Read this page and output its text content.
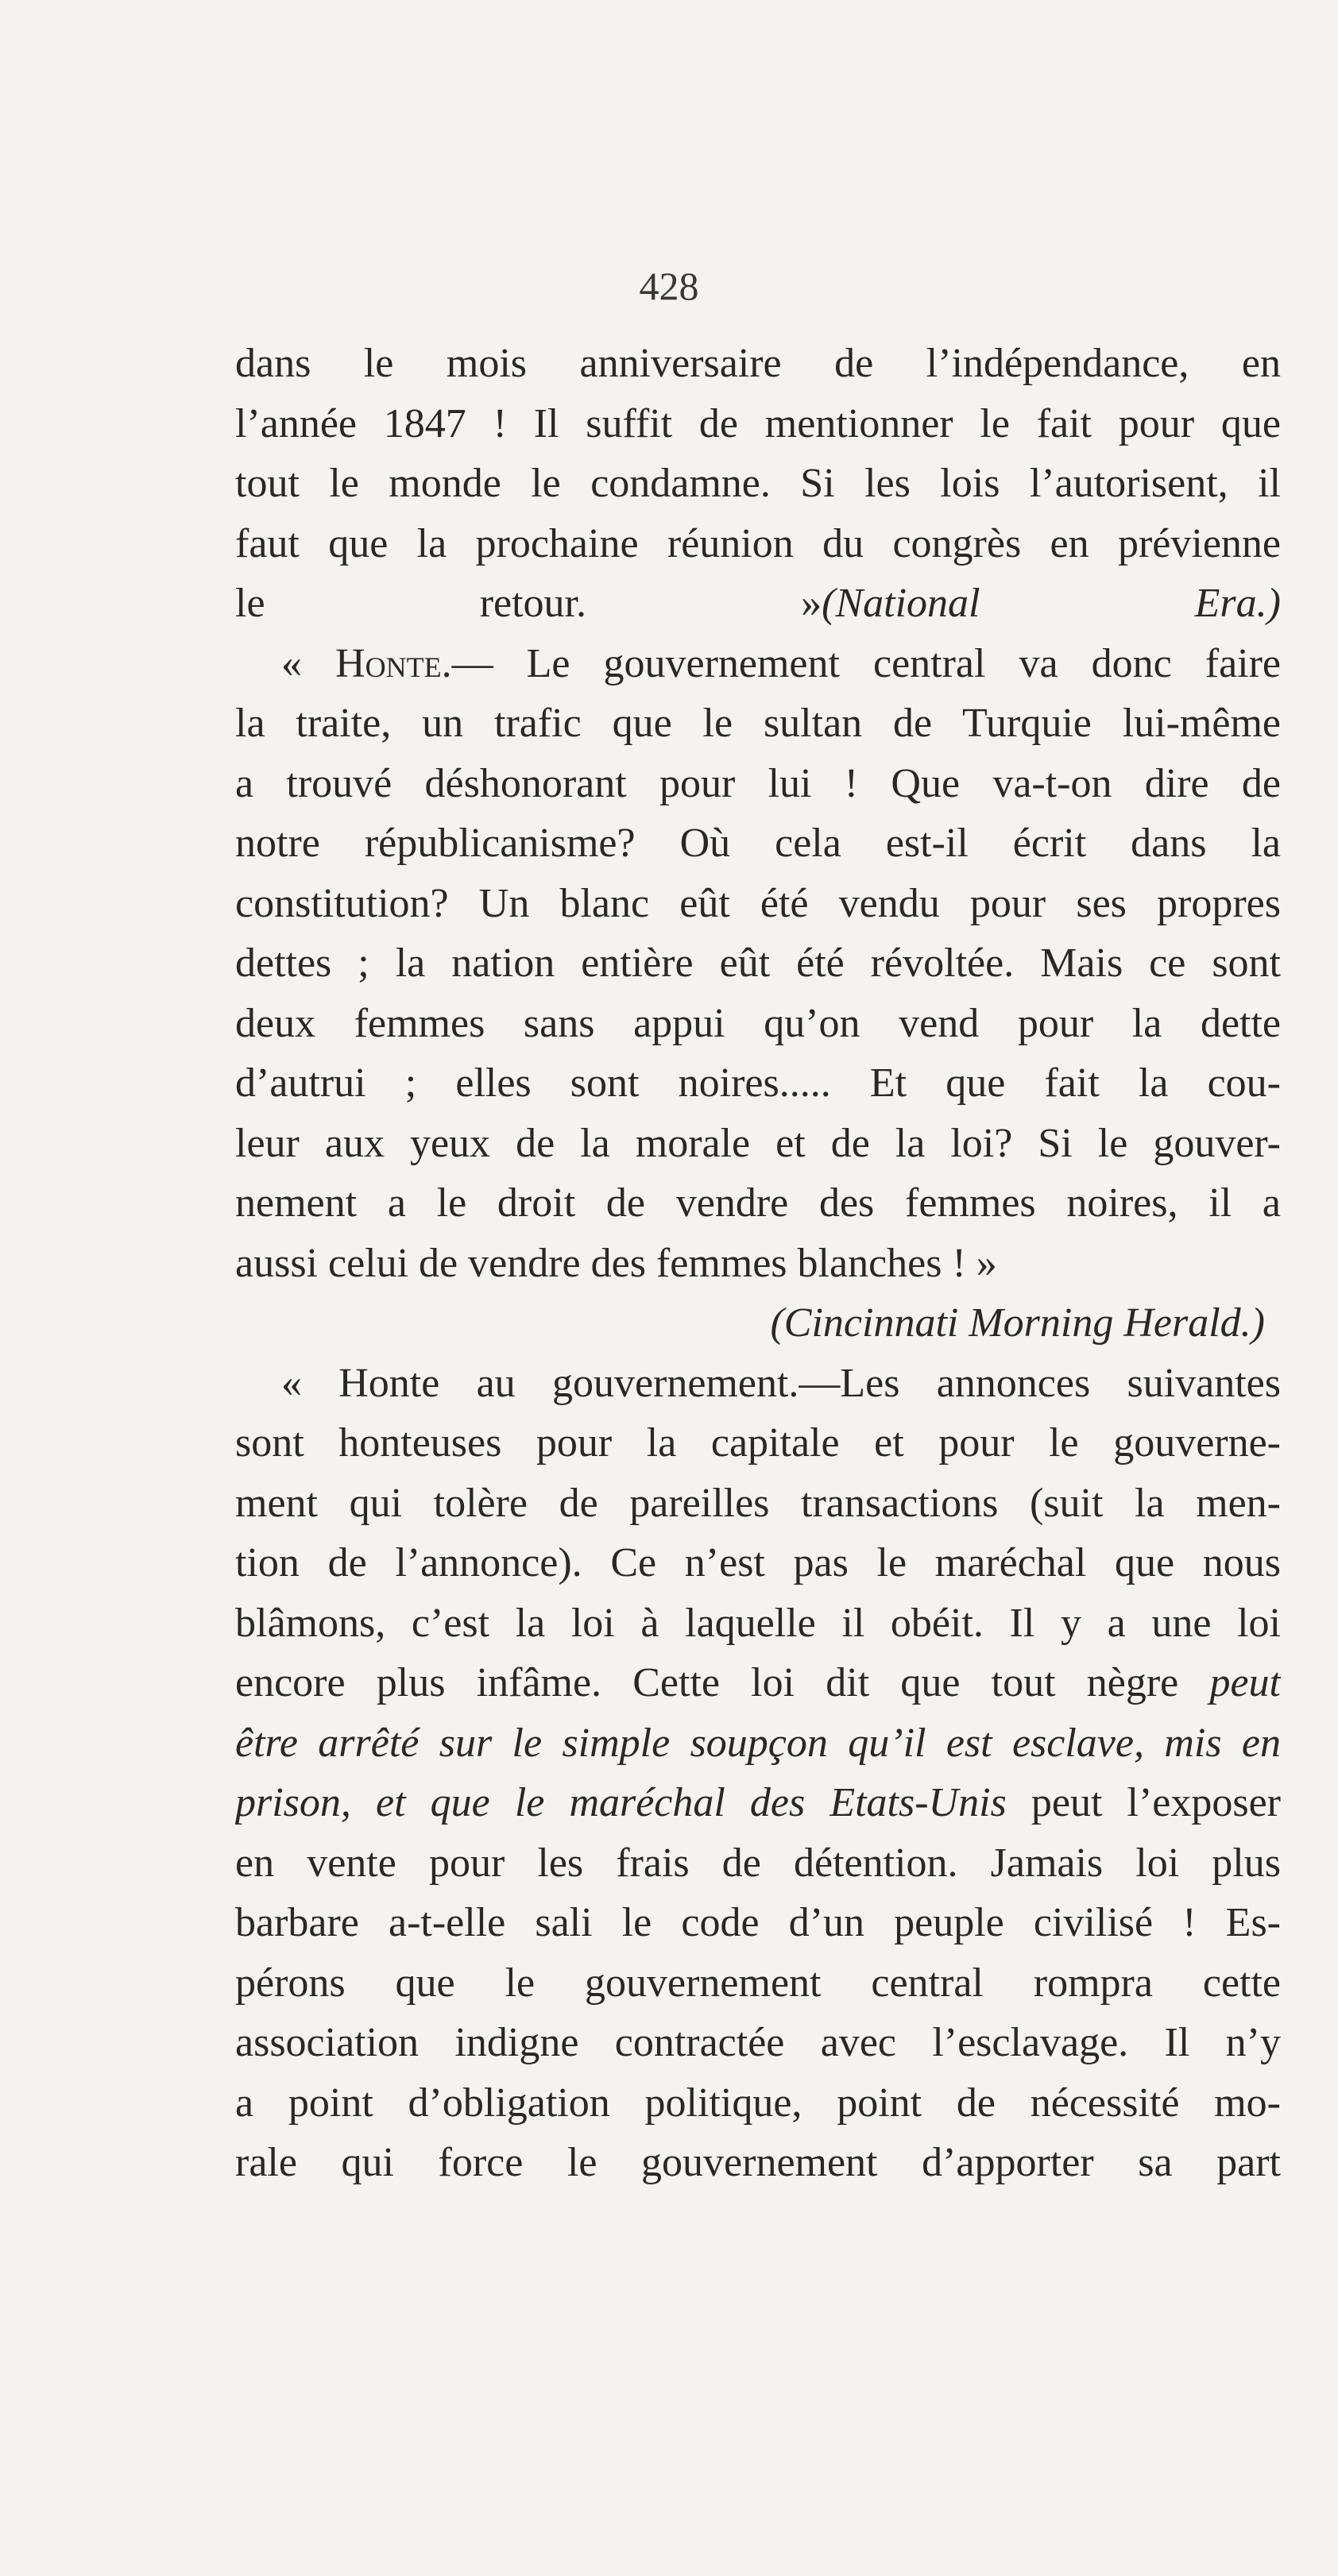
428
dans le mois anniversaire de l’indépendance, en
l’année 1847 ! Il suffit de mentionner le fait pour que
tout le monde le condamne. Si les lois l’autorisent, il
faut que la prochaine réunion du congrès en prévienne
le retour. »(National Era.)
« Honte.— Le gouvernement central va donc faire
la traite, un trafic que le sultan de Turquie lui-même
a trouvé déshonorant pour lui ! Que va-t-on dire de
notre républicanisme? Où cela est-il écrit dans la
constitution? Un blanc eût été vendu pour ses propres
dettes ; la nation entière eût été révoltée. Mais ce sont
deux femmes sans appui qu’on vend pour la dette
d’autrui ; elles sont noires..... Et que fait la cou-
leur aux yeux de la morale et de la loi? Si le gouver-
nement a le droit de vendre des femmes noires, il a
aussi celui de vendre des femmes blanches ! »
(Cincinnati Morning Herald.)
« Honte au gouvernement.—Les annonces suivantes
sont honteuses pour la capitale et pour le gouverne-
ment qui tolère de pareilles transactions (suit la men-
tion de l’annonce). Ce n’est pas le maréchal que nous
blâmons, c’est la loi à laquelle il obéit. Il y a une loi
encore plus infâme. Cette loi dit que tout nègre peut
être arrêté sur le simple soupçon qu’il est esclave, mis en
prison, et que le maréchal des Etats-Unis peut l’exposer
en vente pour les frais de détention. Jamais loi plus
barbare a-t-elle sali le code d’un peuple civilisé ! Es-
pérons que le gouvernement central rompra cette
association indigne contractée avec l’esclavage. Il n’y
a point d’obligation politique, point de nécessité mo-
rale qui force le gouvernement d’apporter sa part
